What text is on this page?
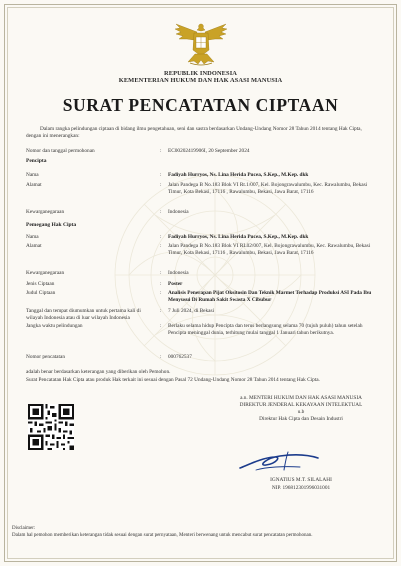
REPUBLIK INDONESIA
KEMENTERIAN HUKUM DAN HAK ASASI MANUSIA
SURAT PENCATATAN CIPTAAN
Dalam rangka pelindungan ciptaan di bidang ilmu pengetahuan, seni dan sastra berdasarkan Undang-Undang Nomor 28 Tahun 2014 tentang Hak Cipta, dengan ini menerangkan:
Nomor dan tanggal permohonan	:	EC00202419906I, 20 September 2024
Pencipta
Nama	:	Fadiyah Hurryos, Ns. Lina Herida Pucea, S.Kep., M.Kep. dkk
Alamat	:	Jalan Pandega B No.183 Blok VI Rt.1/007, Kel. Bojongrawalumbu, Kec. Rawalumbu, Bekasi Timur, Kota Bekasi, 17116 , Rawalumbu, Bekasi, Jawa Barat, 17116
Kewarganegaraan	:	Indonesia
Pemegang Hak Cipta
Nama	:	Fadiyah Hurryos, Ns. Lina Herida Pucea, S.Kep., M.Kep. dkk
Alamat	:	Jalan Pandega B No.183 Blok VI RL02/007, Kel. Bojongrawalumbu, Kec. Rawalumbu, Bekasi Timur, Kota Bekasi, 17116 , Rawalumbu, Bekasi, Jawa Barat, 17116
Kewarganegaraan	:	Indonesia
Jenis Ciptaan	:	Poster
Judul Ciptaan	:	Analisis Penerapan Pijat Oksitosin Dan Teknik Marmet Terhadap Produksi ASI Pada Ibu Menyusui Di Rumah Sakit Swasta X Cibubur
Tanggal dan tempat diumumkan untuk pertama kali di wilayah Indonesia atau di luar wilayah Indonesia
:	7 Juli 2024, di Bekasi
Jangka waktu pelindungan	:	Berlaku selama hidup Pencipta dan terus berlangsung selama 70 (tujuh puluh) tahun setelah Pencipta meninggal dunia, terhitung mulai tanggal 1 Januari tahun berikutnya.
Nomor pencatatan	:	000762537
adalah benar berdasarkan keterangan yang diberikan oleh Pemohon.
Surat Pencatatan Hak Cipta atau produk Hak terkait ini sesuai dengan Pasal 72 Undang-Undang Nomor 28 Tahun 2014 tentang Hak Cipta.
a.n. MENTERI HUKUM DAN HAK ASASI MANUSIA
DIREKTUR JENDERAL KEKAYAAN INTELEKTUAL
u.b
Direktur Hak Cipta dan Desain Industri
IGNATIUS M.T. SILALAHI
NIP. 196812301996031001
Disclaimer:
Dalam hal pemohon memberikan keterangan tidak sesuai dengan surat pernyataan, Menteri berwenang untuk mencabut surat pencatatan permohonan.
